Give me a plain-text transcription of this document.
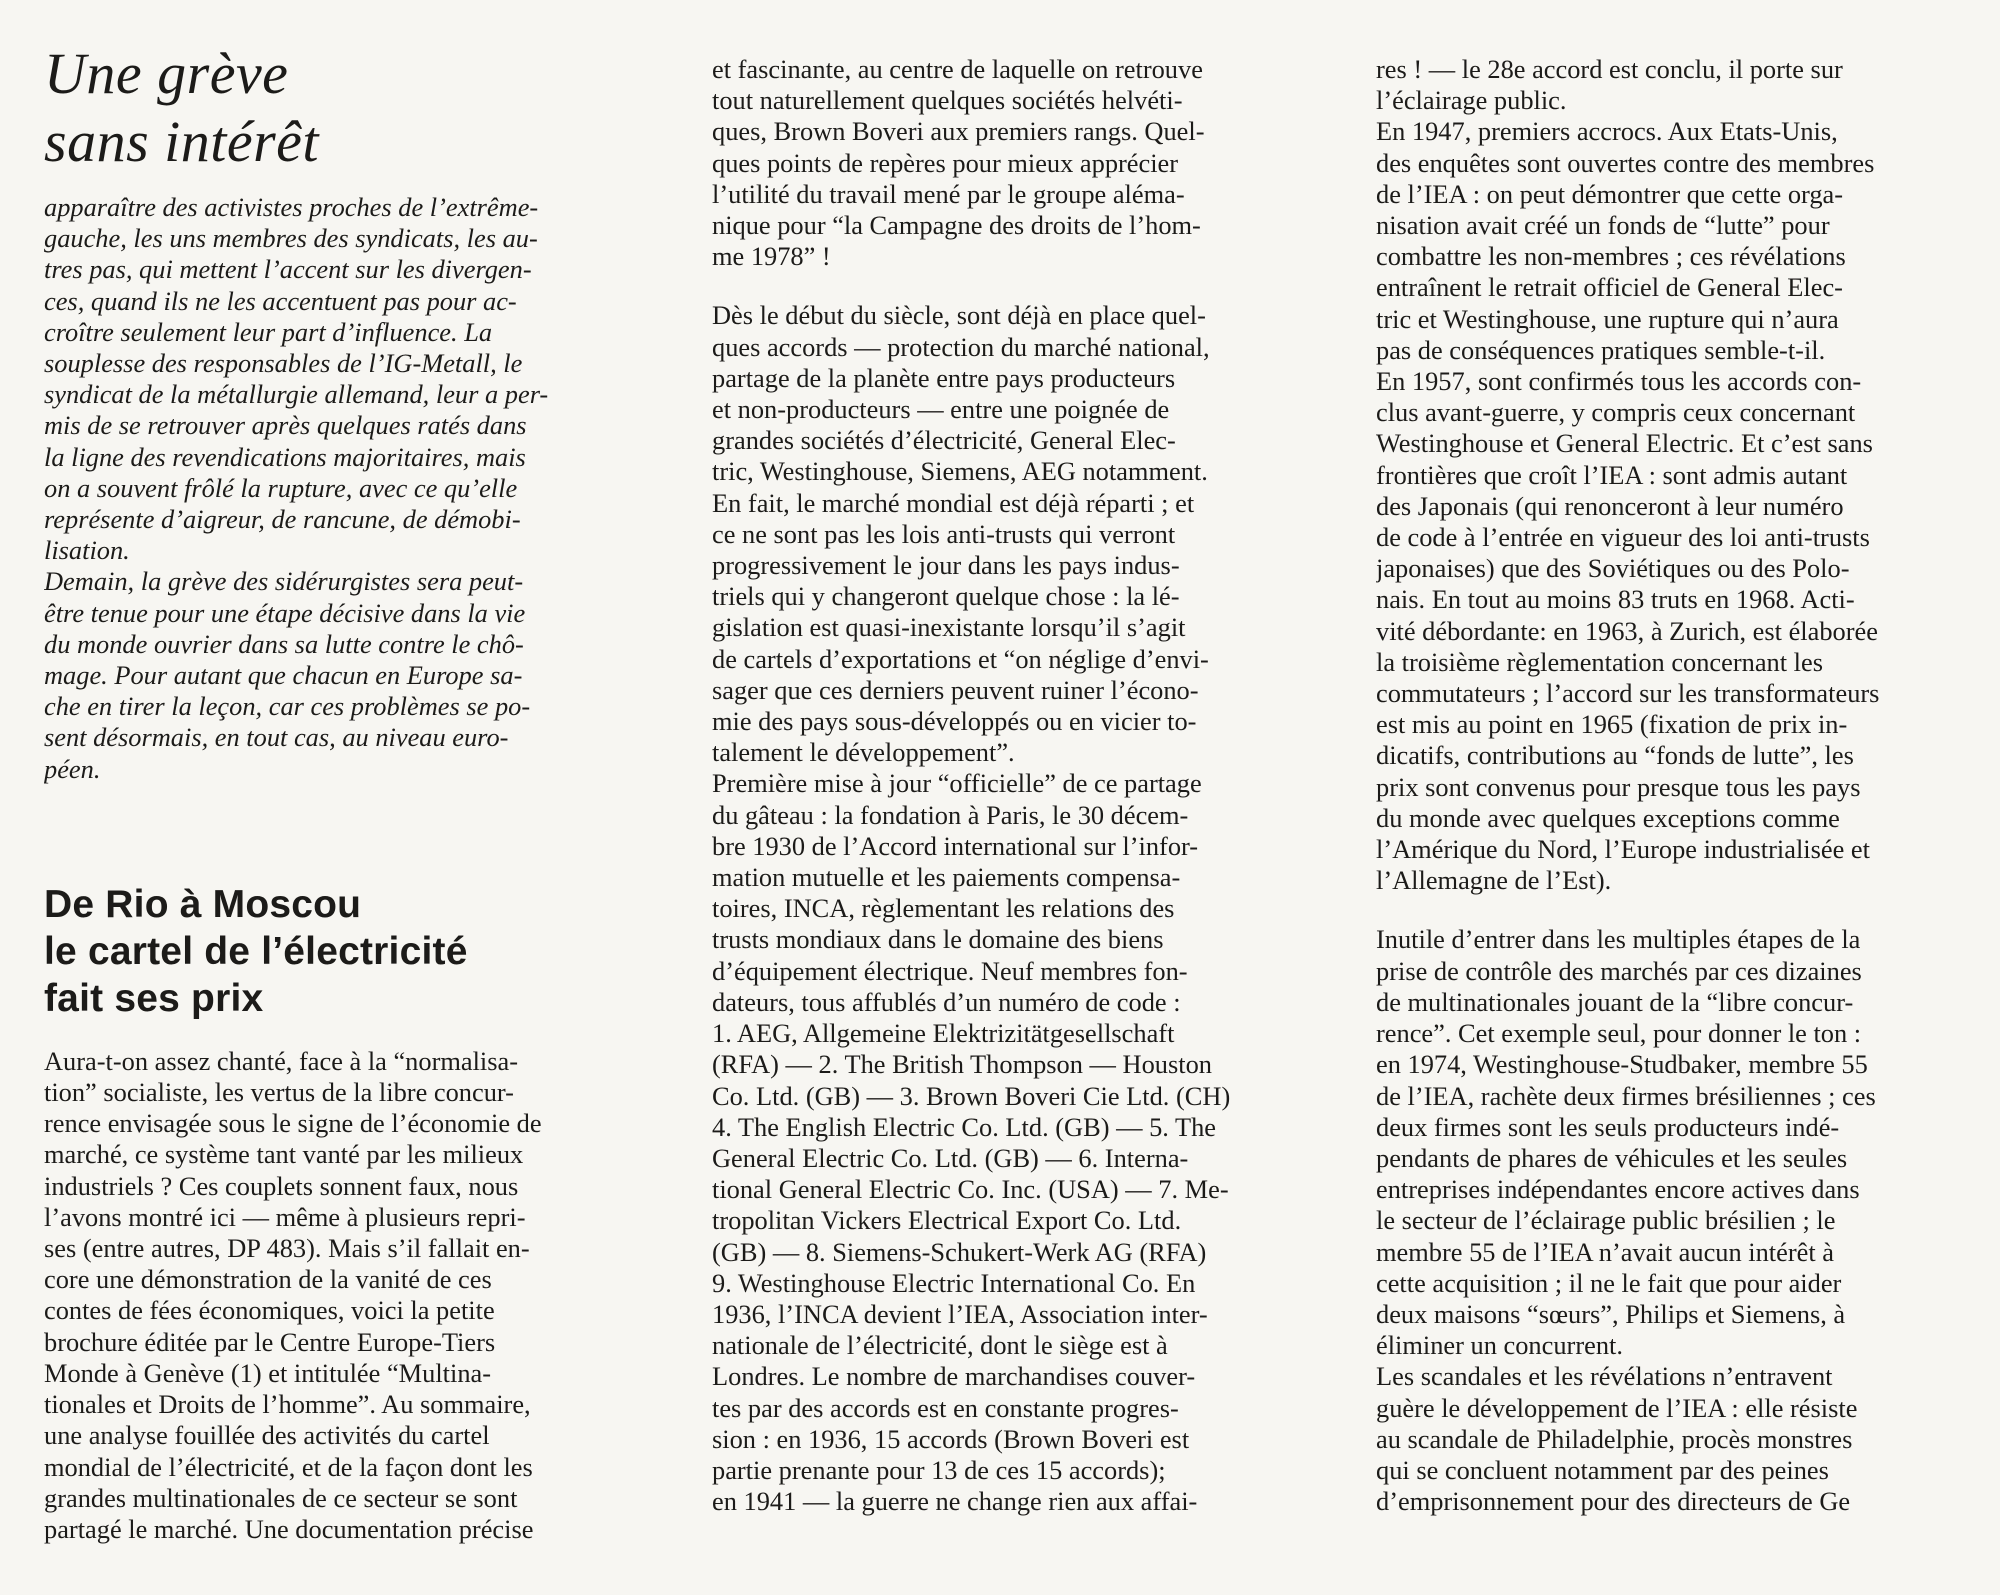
Une grève
sans intérêt
apparaître des activistes proches de l’extrême-
gauche, les uns membres des syndicats, les au-
tres pas, qui mettent l’accent sur les divergen-
ces, quand ils ne les accentuent pas pour ac-
croître seulement leur part d’influence. La
souplesse des responsables de l’IG-Metall, le
syndicat de la métallurgie allemand, leur a per-
mis de se retrouver après quelques ratés dans
la ligne des revendications majoritaires, mais
on a souvent frôlé la rupture, avec ce qu’elle
représente d’aigreur, de rancune, de démobi-
lisation.
Demain, la grève des sidérurgistes sera peut-
être tenue pour une étape décisive dans la vie
du monde ouvrier dans sa lutte contre le chô-
mage. Pour autant que chacun en Europe sa-
che en tirer la leçon, car ces problèmes se po-
sent désormais, en tout cas, au niveau euro-
péen.
De Rio à Moscou
le cartel de l’électricité
fait ses prix
Aura-t-on assez chanté, face à la “normalisa-
tion” socialiste, les vertus de la libre concur-
rence envisagée sous le signe de l’économie de
marché, ce système tant vanté par les milieux
industriels ? Ces couplets sonnent faux, nous
l’avons montré ici — même à plusieurs repri-
ses (entre autres, DP 483). Mais s’il fallait en-
core une démonstration de la vanité de ces
contes de fées économiques, voici la petite
brochure éditée par le Centre Europe-Tiers
Monde à Genève (1) et intitulée “Multina-
tionales et Droits de l’homme”. Au sommaire,
une analyse fouillée des activités du cartel
mondial de l’électricité, et de la façon dont les
grandes multinationales de ce secteur se sont
partagé le marché. Une documentation précise
et fascinante, au centre de laquelle on retrouve
tout naturellement quelques sociétés helvéti-
ques, Brown Boveri aux premiers rangs. Quel-
ques points de repères pour mieux apprécier
l’utilité du travail mené par le groupe alémа-
nique pour “la Campagne des droits de l’hom-
me 1978” !
Dès le début du siècle, sont déjà en place quel-
ques accords — protection du marché national,
partage de la planète entre pays producteurs
et non-producteurs — entre une poignée de
grandes sociétés d’électricité, General Elec-
tric, Westinghouse, Siemens, AEG notamment.
En fait, le marché mondial est déjà réparti ; et
ce ne sont pas les lois anti-trusts qui verront
progressivement le jour dans les pays indus-
triels qui y changeront quelque chose : la lé-
gislation est quasi-inexistante lorsqu’il s’agit
de cartels d’exportations et “on néglige d’envi-
sager que ces derniers peuvent ruiner l’écono-
mie des pays sous-développés ou en vicier to-
talement le développement”.
Première mise à jour “officielle” de ce partage
du gâteau : la fondation à Paris, le 30 décem-
bre 1930 de l’Accord international sur l’infor-
mation mutuelle et les paiements compensa-
toires, INCA, règlementant les relations des
trusts mondiaux dans le domaine des biens
d’équipement électrique. Neuf membres fon-
dateurs, tous affublés d’un numéro de code :
1. AEG, Allgemeine Elektrizitätgesellschaft
(RFA) — 2. The British Thompson — Houston
Co. Ltd. (GB) — 3. Brown Boveri Cie Ltd. (CH)
4. The English Electric Co. Ltd. (GB) — 5. The
General Electric Co. Ltd. (GB) — 6. Interna-
tional General Electric Co. Inc. (USA) — 7. Me-
tropolitan Vickers Electrical Export Co. Ltd.
(GB) — 8. Siemens-Schukert-Werk AG (RFA)
9. Westinghouse Electric International Co. En
1936, l’INCA devient l’IEA, Association inter-
nationale de l’électricité, dont le siège est à
Londres. Le nombre de marchandises couver-
tes par des accords est en constante progres-
sion : en 1936, 15 accords (Brown Boveri est
partie prenante pour 13 de ces 15 accords);
en 1941 — la guerre ne change rien aux affai-
res ! — le 28e accord est conclu, il porte sur
l’éclairage public.
En 1947, premiers accrocs. Aux Etats-Unis,
des enquêtes sont ouvertes contre des membres
de l’IEA : on peut démontrer que cette orga-
nisation avait créé un fonds de “lutte” pour
combattre les non-membres ; ces révélations
entraînent le retrait officiel de General Elec-
tric et Westinghouse, une rupture qui n’aura
pas de conséquences pratiques semble-t-il.
En 1957, sont confirmés tous les accords con-
clus avant-guerre, y compris ceux concernant
Westinghouse et General Electric. Et c’est sans
frontières que croît l’IEA : sont admis autant
des Japonais (qui renonceront à leur numéro
de code à l’entrée en vigueur des loi anti-trusts
japonaises) que des Soviétiques ou des Polo-
nais. En tout au moins 83 truts en 1968. Acti-
vité débordante: en 1963, à Zurich, est élaborée
la troisième règlementation concernant les
commutateurs ; l’accord sur les transformateurs
est mis au point en 1965 (fixation de prix in-
dicatifs, contributions au “fonds de lutte”, les
prix sont convenus pour presque tous les pays
du monde avec quelques exceptions comme
l’Amérique du Nord, l’Europe industrialisée et
l’Allemagne de l’Est).
Inutile d’entrer dans les multiples étapes de la
prise de contrôle des marchés par ces dizaines
de multinationales jouant de la “libre concur-
rence”. Cet exemple seul, pour donner le ton :
en 1974, Westinghouse-Studbaker, membre 55
de l’IEA, rachète deux firmes brésiliennes ; ces
deux firmes sont les seuls producteurs indé-
pendants de phares de véhicules et les seules
entreprises indépendantes encore actives dans
le secteur de l’éclairage public brésilien ; le
membre 55 de l’IEA n’avait aucun intérêt à
cette acquisition ; il ne le fait que pour aider
deux maisons “sœurs”, Philips et Siemens, à
éliminer un concurrent.
Les scandales et les révélations n’entravent
guère le développement de l’IEA : elle résiste
au scandale de Philadelphie, procès monstres
qui se concluent notamment par des peines
d’emprisonnement pour des directeurs de Ge
